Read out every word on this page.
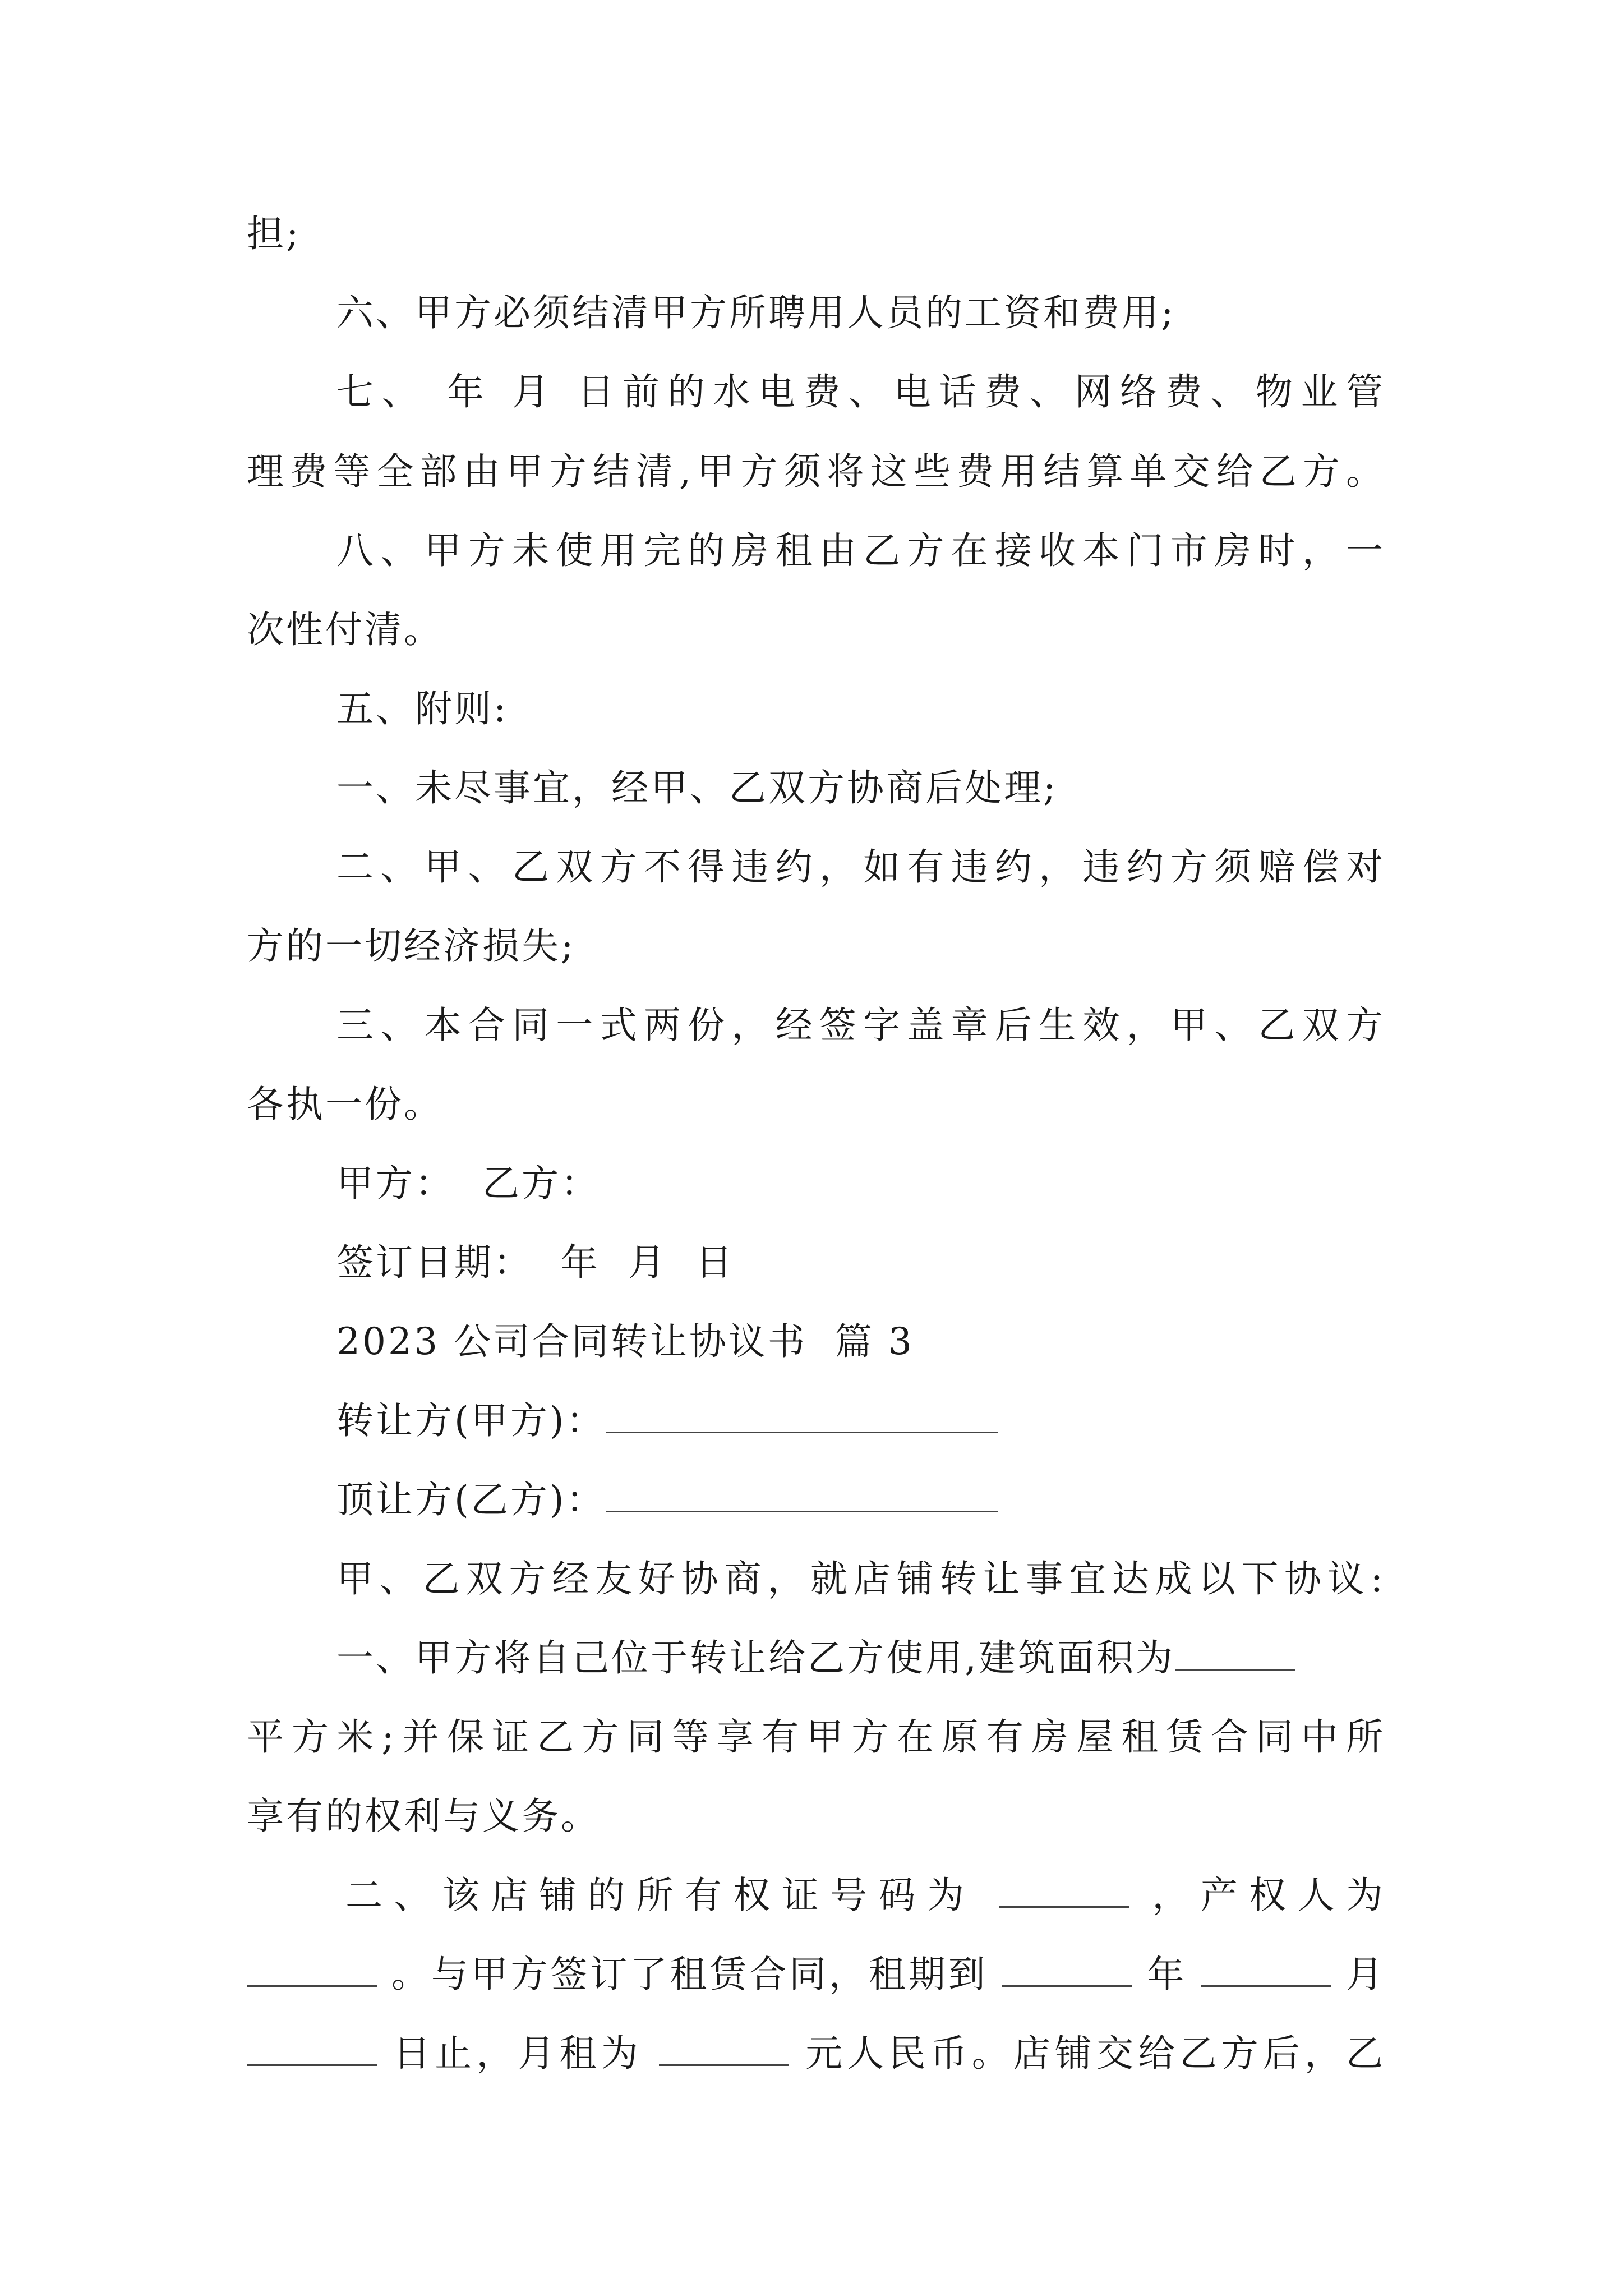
担;
六、甲方必须结清甲方所聘用人员的工资和费用;
七、 年 月 日前的水电费、电话费、网络费、物业管
理费等全部由甲方结清,甲方须将这些费用结算单交给乙方。
八、甲方未使用完的房租由乙方在接收本门市房时，一
次性付清。
五、附则:
一、未尽事宜，经甲、乙双方协商后处理;
二、甲、乙双方不得违约，如有违约，违约方须赔偿对
方的一切经济损失;
三、本合同一式两份，经签字盖章后生效，甲、乙双方
各执一份。
甲方：  乙方：
签订日期：  年  月  日
2023 公司合同转让协议书  篇 3
转让方(甲方)：
顶让方(乙方)：
甲、乙双方经友好协商，就店铺转让事宜达成以下协议:
一、甲方将自己位于转让给乙方使用,建筑面积为
平方米;并保证乙方同等享有甲方在原有房屋租赁合同中所
享有的权利与义务。
二、该店铺的所有权证号码为	，产权人为
。与甲方签订了租赁合同，租期到	年	月
日止，月租为	元人民币。店铺交给乙方后，乙
